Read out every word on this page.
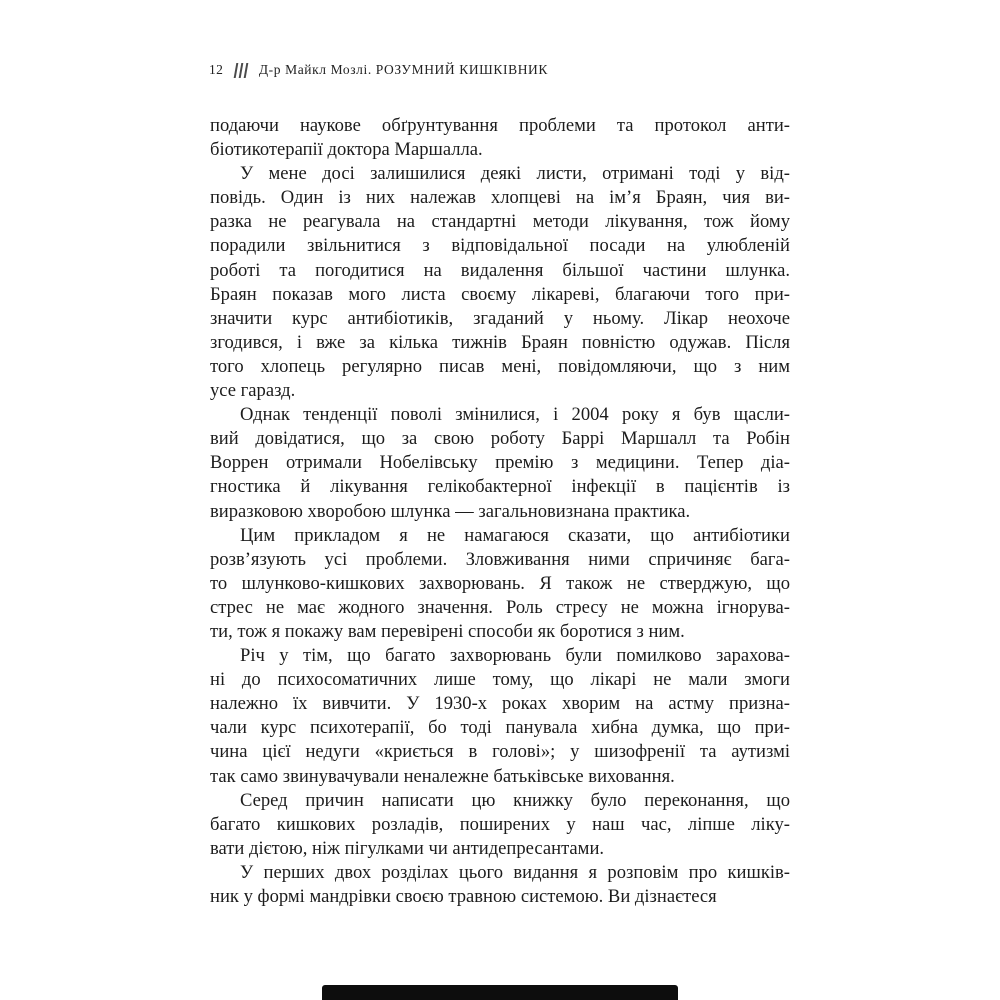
12	Д-р Майкл Мозлі. РОЗУМНИЙ КИШКІВНИК
подаючи наукове обґрунтування проблеми та протокол анти-
біотикотерапії доктора Маршалла.
У мене досі залишилися деякі листи, отримані тоді у від-
повідь. Один із них належав хлопцеві на ім’я Браян, чия ви-
разка не реагувала на стандартні методи лікування, тож йому
порадили звільнитися з відповідальної посади на улюбленій
роботі та погодитися на видалення більшої частини шлунка.
Браян показав мого листа своєму лікареві, благаючи того при-
значити курс антибіотиків, згаданий у ньому. Лікар неохоче
згодився, і вже за кілька тижнів Браян повністю одужав. Після
того хлопець регулярно писав мені, повідомляючи, що з ним
усе гаразд.
Однак тенденції поволі змінилися, і 2004 року я був щасли-
вий довідатися, що за свою роботу Баррі Маршалл та Робін
Воррен отримали Нобелівську премію з медицини. Тепер діа-
гностика й лікування гелікобактерної інфекції в пацієнтів із
виразковою хворобою шлунка — загальновизнана практика.
Цим прикладом я не намагаюся сказати, що антибіотики
розв’язують усі проблеми. Зловживання ними спричиняє бага-
то шлунково-кишкових захворювань. Я також не стверджую, що
стрес не має жодного значення. Роль стресу не можна ігнорува-
ти, тож я покажу вам перевірені способи як боротися з ним.
Річ у тім, що багато захворювань були помилково зарахова-
ні до психосоматичних лише тому, що лікарі не мали змоги
належно їх вивчити. У 1930-х роках хворим на астму призна-
чали курс психотерапії, бо тоді панувала хибна думка, що при-
чина цієї недуги «криється в голові»; у шизофренії та аутизмі
так само звинувачували неналежне батьківське виховання.
Серед причин написати цю книжку було переконання, що
багато кишкових розладів, поширених у наш час, ліпше ліку-
вати дієтою, ніж пігулками чи антидепресантами.
У перших двох розділах цього видання я розповім про кишків-
ник у формі мандрівки своєю травною системою. Ви дізнаєтеся
